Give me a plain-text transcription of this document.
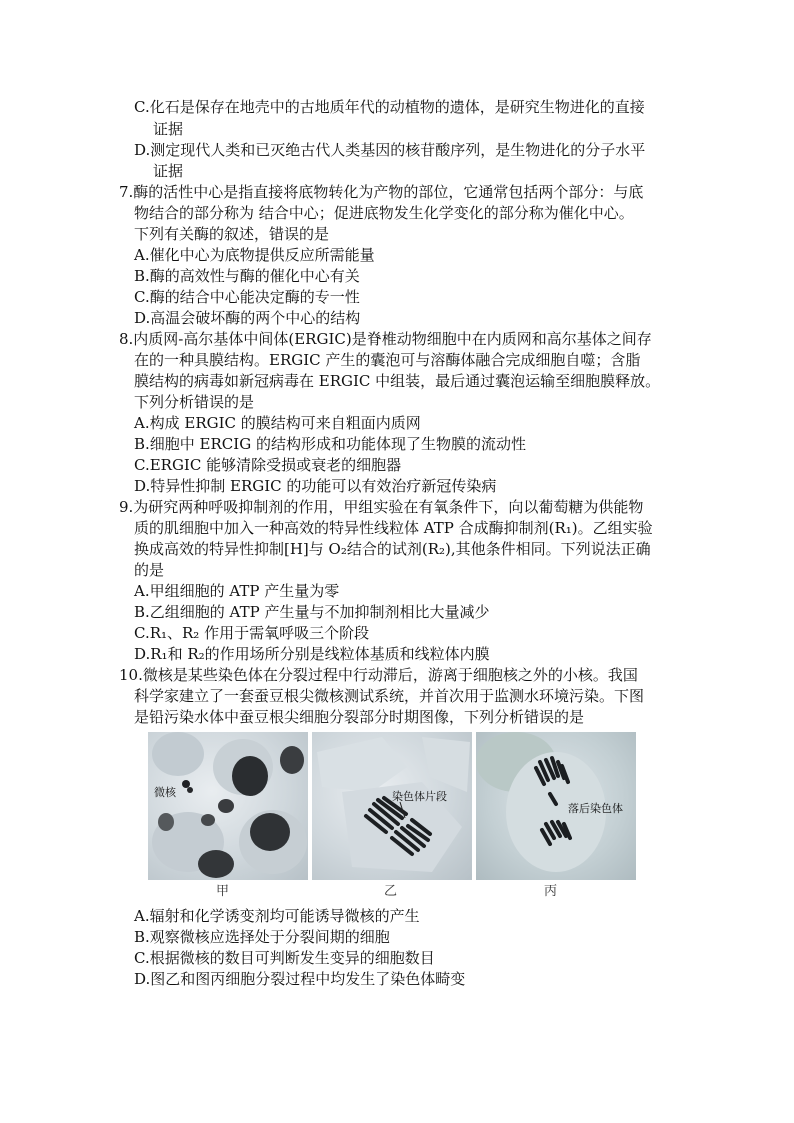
C.化石是保存在地壳中的古地质年代的动植物的遗体，是研究生物进化的直接
证据
D.测定现代人类和已灭绝古代人类基因的核苷酸序列，是生物进化的分子水平
证据
7.酶的活性中心是指直接将底物转化为产物的部位，它通常包括两个部分：与底
物结合的部分称为 结合中心；促进底物发生化学变化的部分称为催化中心。
下列有关酶的叙述，错误的是
A.催化中心为底物提供反应所需能量
B.酶的高效性与酶的催化中心有关
C.酶的结合中心能决定酶的专一性
D.高温会破坏酶的两个中心的结构
8.内质网-高尔基体中间体(ERGIC)是脊椎动物细胞中在内质网和高尔基体之间存
在的一种具膜结构。ERGIC 产生的囊泡可与溶酶体融合完成细胞自噬；含脂
膜结构的病毒如新冠病毒在 ERGIC 中组装，最后通过囊泡运输至细胞膜释放。
下列分析错误的是
A.构成 ERGIC 的膜结构可来自粗面内质网
B.细胞中 ERCIG 的结构形成和功能体现了生物膜的流动性
C.ERGIC 能够清除受损或衰老的细胞器
D.特异性抑制 ERGIC 的功能可以有效治疗新冠传染病
9.为研究两种呼吸抑制剂的作用，甲组实验在有氧条件下，向以葡萄糖为供能物
质的肌细胞中加入一种高效的特异性线粒体 ATP 合成酶抑制剂(R₁)。乙组实验
换成高效的特异性抑制[H]与 O₂结合的试剂(R₂),其他条件相同。下列说法正确
的是
A.甲组细胞的 ATP 产生量为零
B.乙组细胞的 ATP 产生量与不加抑制剂相比大量减少
C.R₁、R₂ 作用于需氧呼吸三个阶段
D.R₁和 R₂的作用场所分别是线粒体基质和线粒体内膜
10.微核是某些染色体在分裂过程中行动滞后，游离于细胞核之外的小核。我国
科学家建立了一套蚕豆根尖微核测试系统，并首次用于监测水环境污染。下图
是铅污染水体中蚕豆根尖细胞分裂部分时期图像，下列分析错误的是
微核	染色体片段
落后染色体
甲	乙	丙
A.辐射和化学诱变剂均可能诱导微核的产生
B.观察微核应选择处于分裂间期的细胞
C.根据微核的数目可判断发生变异的细胞数目
D.图乙和图丙细胞分裂过程中均发生了染色体畸变
